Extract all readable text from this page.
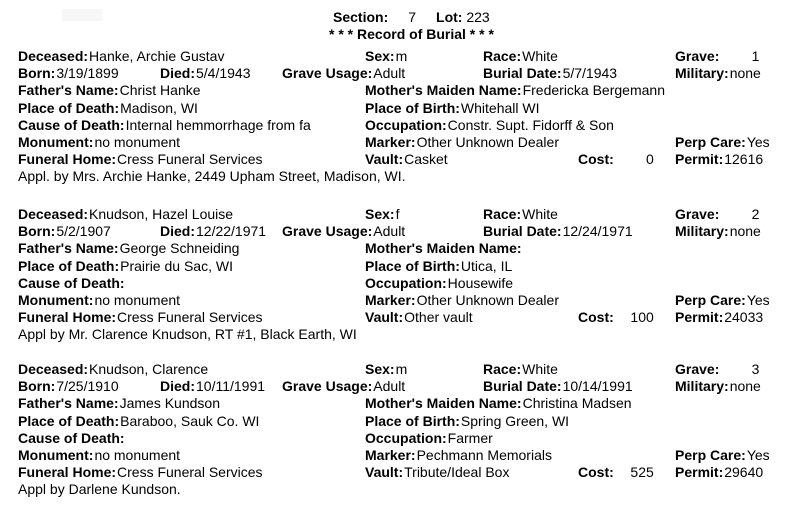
Section: 7 Lot: 223
* * * Record of Burial * * *
Deceased:Hanke, Archie Gustav	Sex:m	Race:White	Grave: 1
Born:3/19/1899	Died:5/4/1943	Grave Usage:Adult	Burial Date:5/7/1943	Military:none
Father's Name:Christ Hanke	Mother's Maiden Name:Fredericka Bergemann
Place of Death:Madison, WI	Place of Birth:Whitehall WI
Cause of Death:Internal hemmorrhage from fa	Occupation:Constr. Supt. Fidorff & Son
Monument:no monument	Marker:Other Unknown Dealer	Perp Care:Yes
Funeral Home:Cress Funeral Services	Vault:Casket	Cost: 0	Permit:12616
Appl. by Mrs. Archie Hanke, 2449 Upham Street, Madison, WI.
Deceased:Knudson, Hazel Louise	Sex:f	Race:White	Grave: 2
Born:5/2/1907	Died:12/22/1971	Grave Usage:Adult	Burial Date:12/24/1971	Military:none
Father's Name:George Schneiding	Mother's Maiden Name:
Place of Death:Prairie du Sac, WI	Place of Birth:Utica, IL
Cause of Death:	Occupation:Housewife
Monument:no monument	Marker:Other Unknown Dealer	Perp Care:Yes
Funeral Home:Cress Funeral Services	Vault:Other vault	Cost: 100	Permit:24033
Appl by Mr. Clarence Knudson, RT #1, Black Earth, WI
Deceased:Knudson, Clarence	Sex:m	Race:White	Grave: 3
Born:7/25/1910	Died:10/11/1991	Grave Usage:Adult	Burial Date:10/14/1991	Military:none
Father's Name:James Kundson	Mother's Maiden Name:Christina Madsen
Place of Death:Baraboo, Sauk Co. WI	Place of Birth:Spring Green, WI
Cause of Death:	Occupation:Farmer
Monument:no monument	Marker:Pechmann Memorials	Perp Care:Yes
Funeral Home:Cress Funeral Services	Vault:Tribute/Ideal Box	Cost: 525	Permit:29640
Appl by Darlene Kundson.
